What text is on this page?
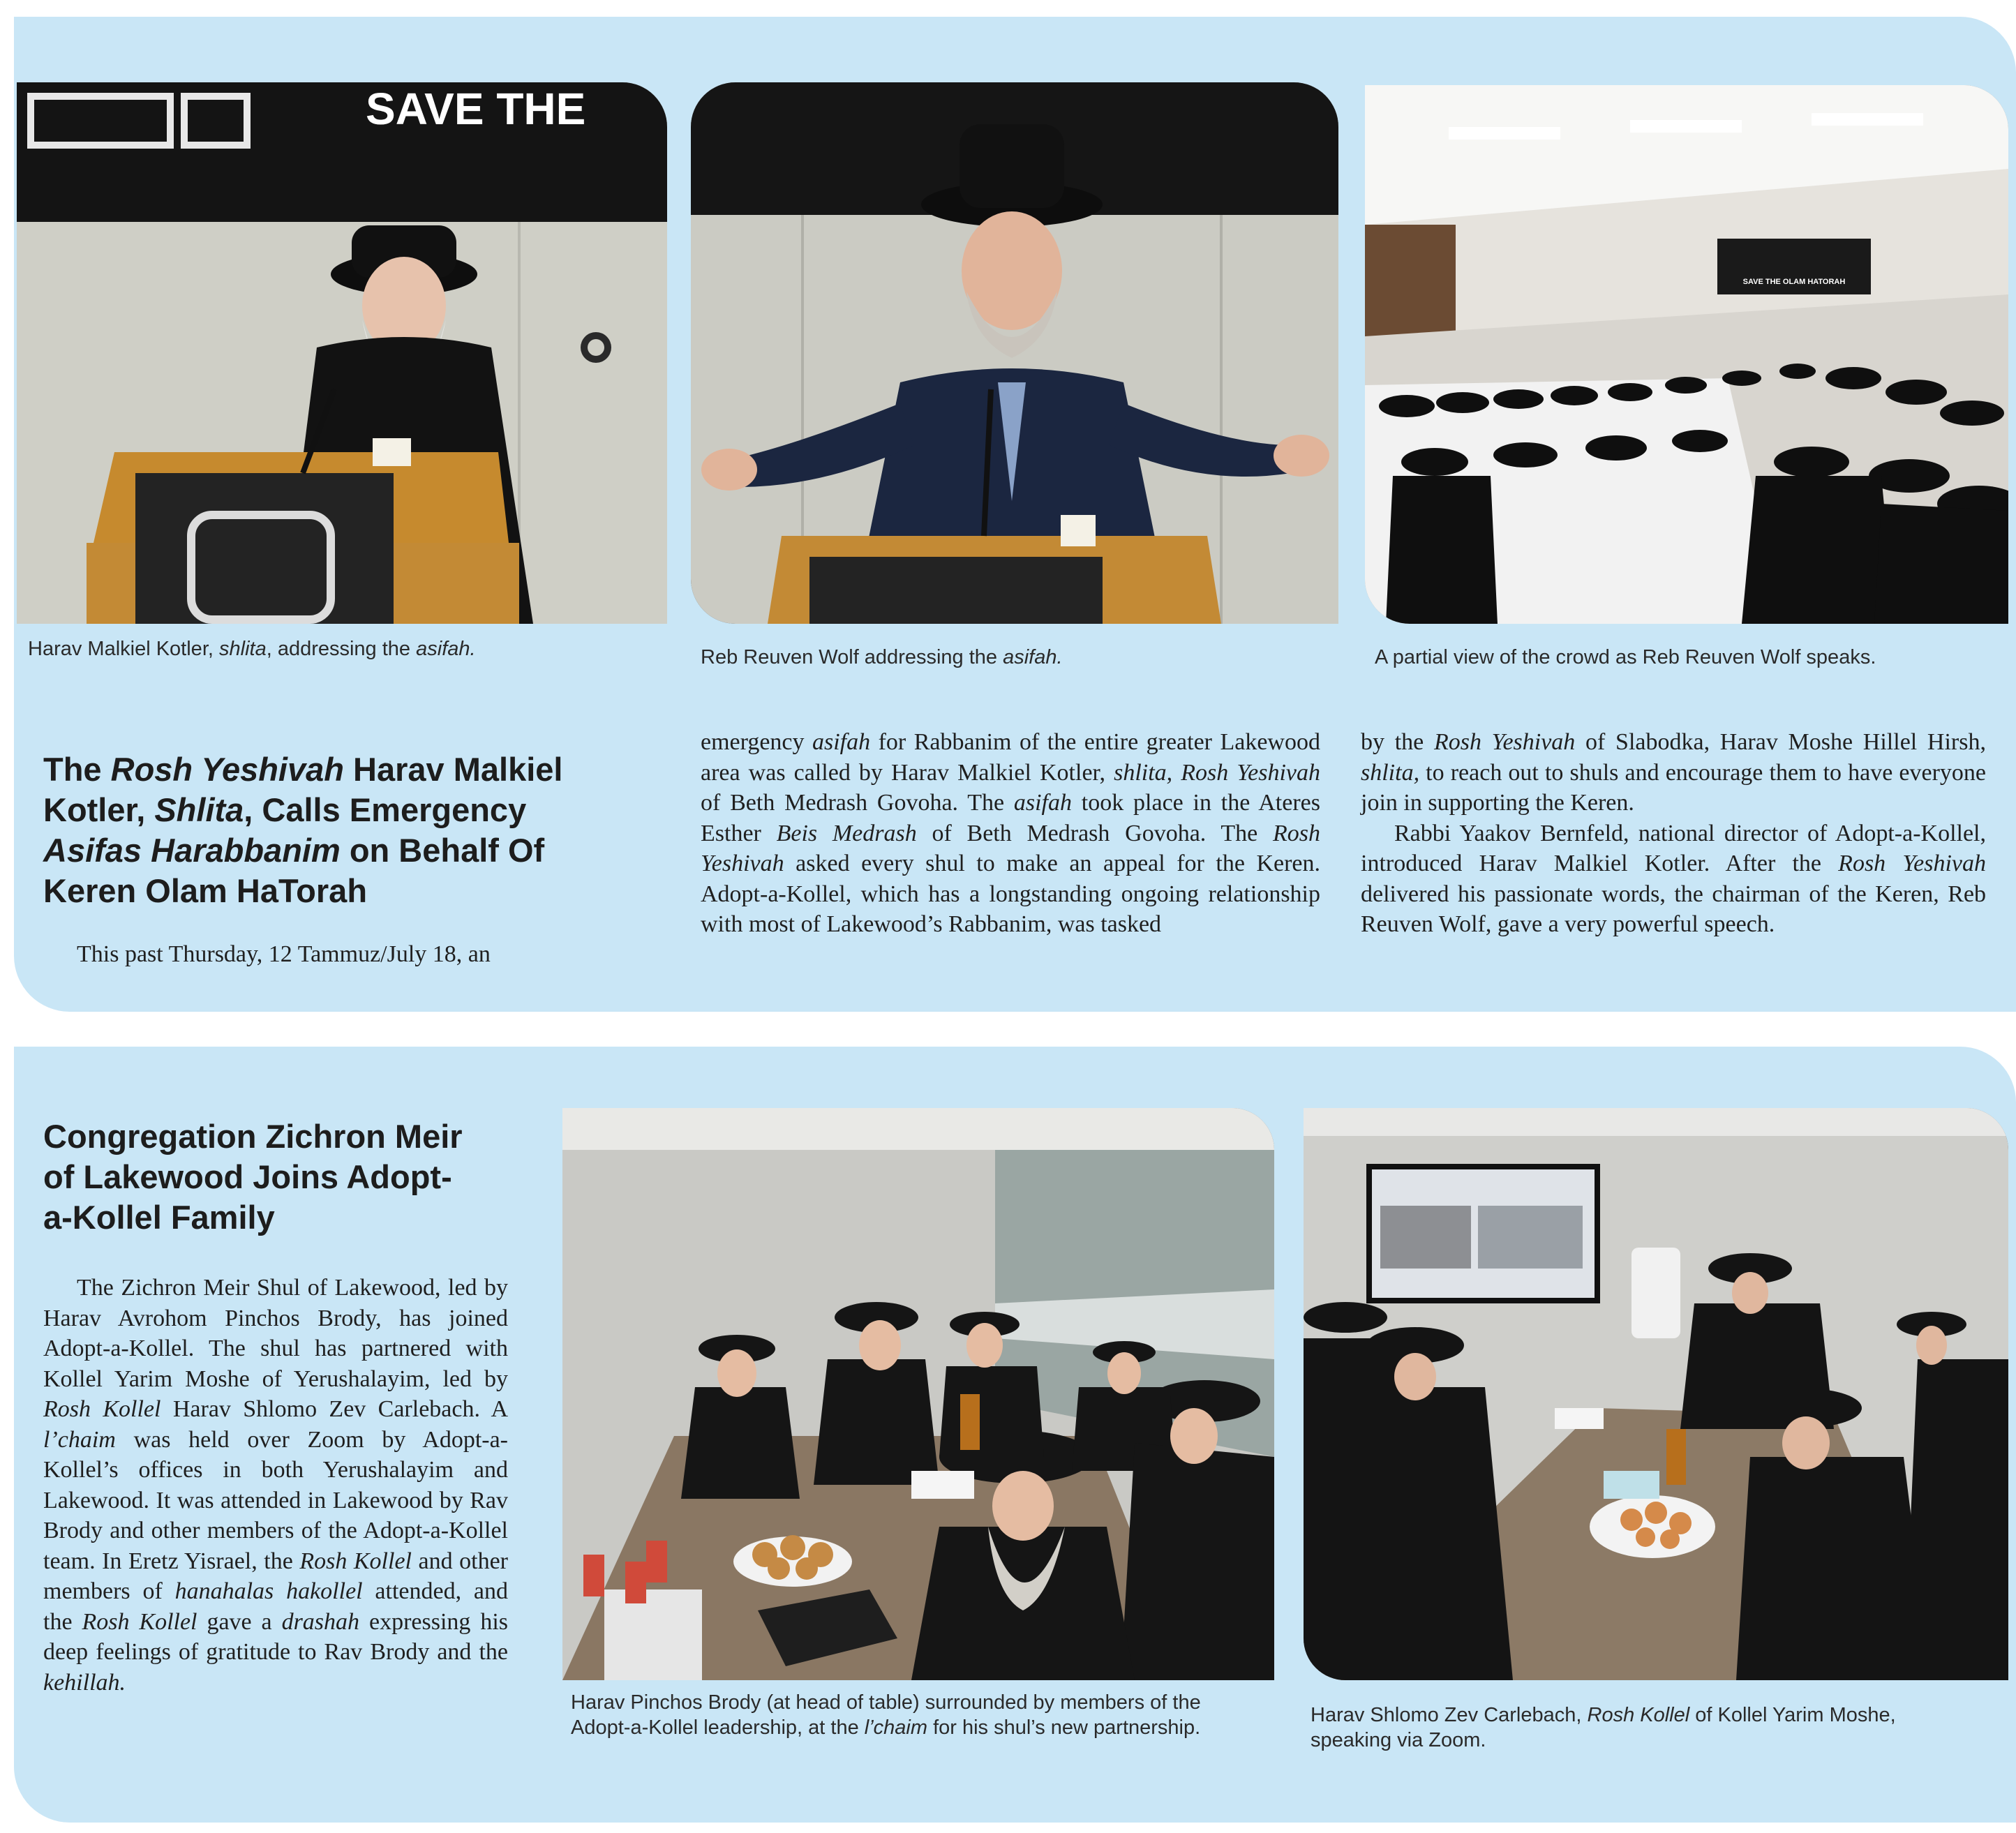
SAVE THE

Harav Malkiel Kotler, shlita, addressing the asifah.	Reb Reuven Wolf addressing the asifah.

SAVE THE OLAM HATORAH

A partial view of the crowd as Reb Reuven Wolf speaks.

The Rosh Yeshivah Harav Malkiel Kotler, Shlita, Calls Emergency Asifas Harabbanim on Behalf Of Keren Olam HaTorah

This past Thursday, 12 Tammuz/July 18, an

emergency asifah for Rabbanim of the entire greater Lakewood area was called by Harav Malkiel Kotler, shlita, Rosh Yeshivah of Beth Medrash Govoha. The asifah took place in the Ateres Esther Beis Medrash of Beth Medrash Govoha. The Rosh Yeshivah asked every shul to make an appeal for the Keren. Adopt-a-Kollel, which has a longstanding ongoing relationship with most of Lakewood’s Rabbanim, was tasked

by the Rosh Yeshivah of Slabodka, Harav Moshe Hillel Hirsh, shlita, to reach out to shuls and encourage them to have everyone join in supporting the Keren.

Rabbi Yaakov Bernfeld, national director of Adopt-a-Kollel, introduced Harav Malkiel Kotler. After the Rosh Yeshivah delivered his passionate words, the chairman of the Keren, Reb Reuven Wolf, gave a very powerful speech.

Congregation Zichron Meir of Lakewood Joins Adopt-a-Kollel Family

The Zichron Meir Shul of Lakewood, led by Harav Avrohom Pinchos Brody, has joined Adopt-a-Kollel. The shul has partnered with Kollel Yarim Moshe of Yerushalayim, led by Rosh Kollel Harav Shlomo Zev Carlebach. A l’chaim was held over Zoom by Adopt-a-Kollel’s offices in both Yerushalayim and Lakewood. It was attended in Lakewood by Rav Brody and other members of the Adopt-a-Kollel team. In Eretz Yisrael, the Rosh Kollel and other members of hanahalas hakollel attended, and the Rosh Kollel gave a drashah expressing his deep feelings of gratitude to Rav Brody and the kehillah.

Harav Pinchos Brody (at head of table) surrounded by members of the Adopt-a-Kollel leadership, at the l’chaim for his shul’s new partnership.

Harav Shlomo Zev Carlebach, Rosh Kollel of Kollel Yarim Moshe, speaking via Zoom.
